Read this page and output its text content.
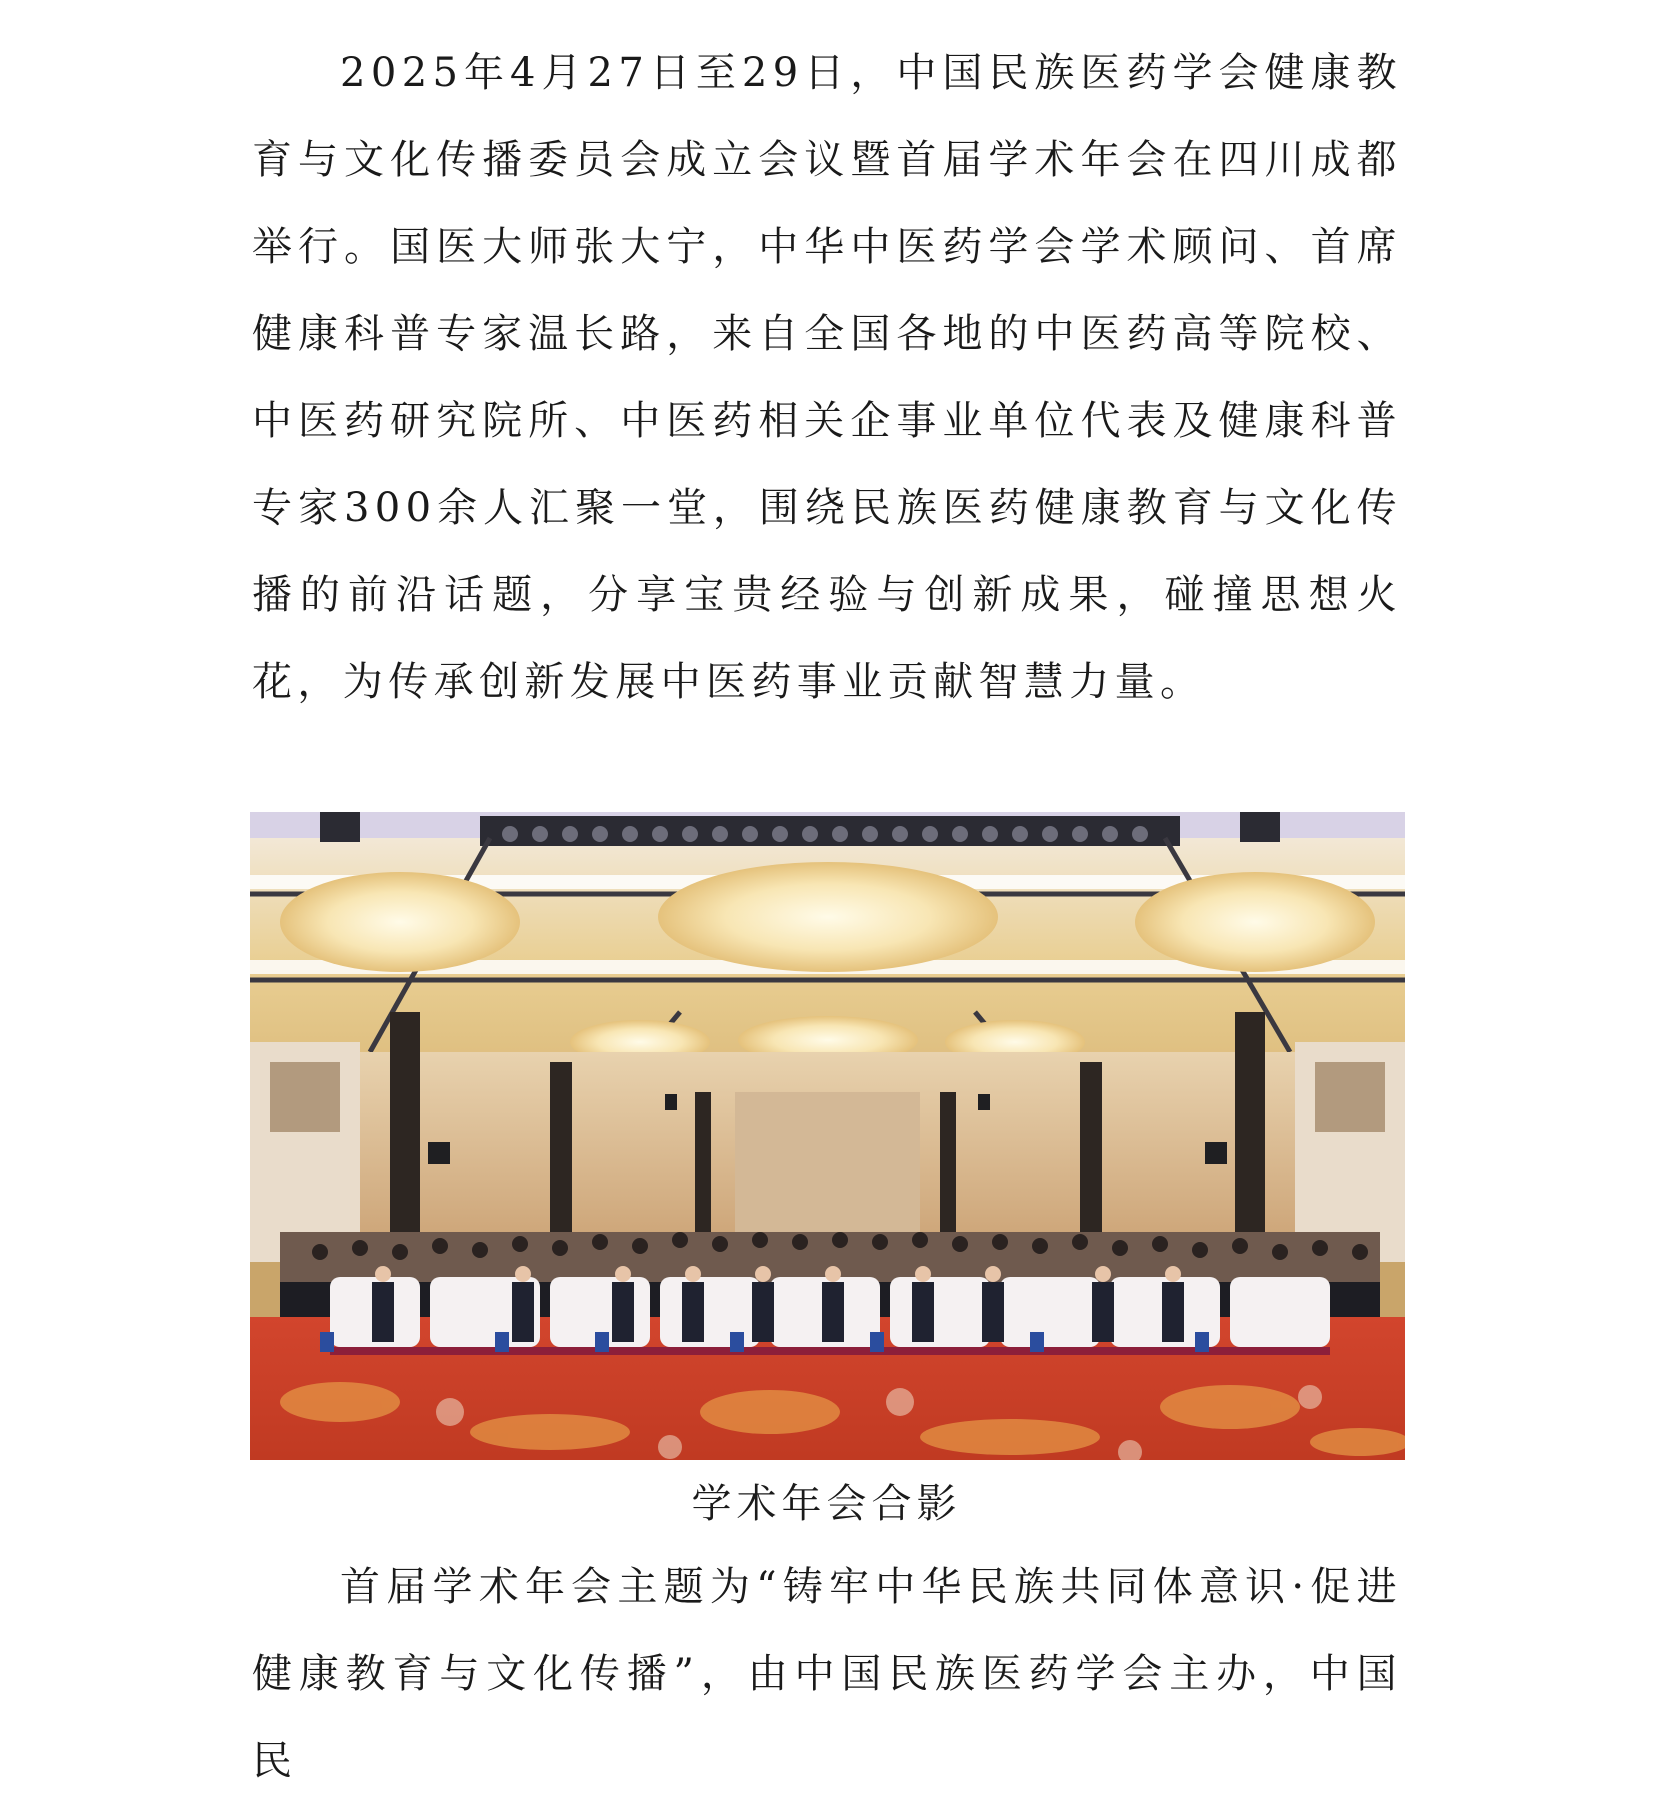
2025年4月27日至29日，中国民族医药学会健康教育与文化传播委员会成立会议暨首届学术年会在四川成都举行。国医大师张大宁，中华中医药学会学术顾问、首席健康科普专家温长路，来自全国各地的中医药高等院校、中医药研究院所、中医药相关企事业单位代表及健康科普专家300余人汇聚一堂，围绕民族医药健康教育与文化传播的前沿话题，分享宝贵经验与创新成果，碰撞思想火花，为传承创新发展中医药事业贡献智慧力量。

学术年会合影

首届学术年会主题为“铸牢中华民族共同体意识·促进健康教育与文化传播”，由中国民族医药学会主办，中国民
